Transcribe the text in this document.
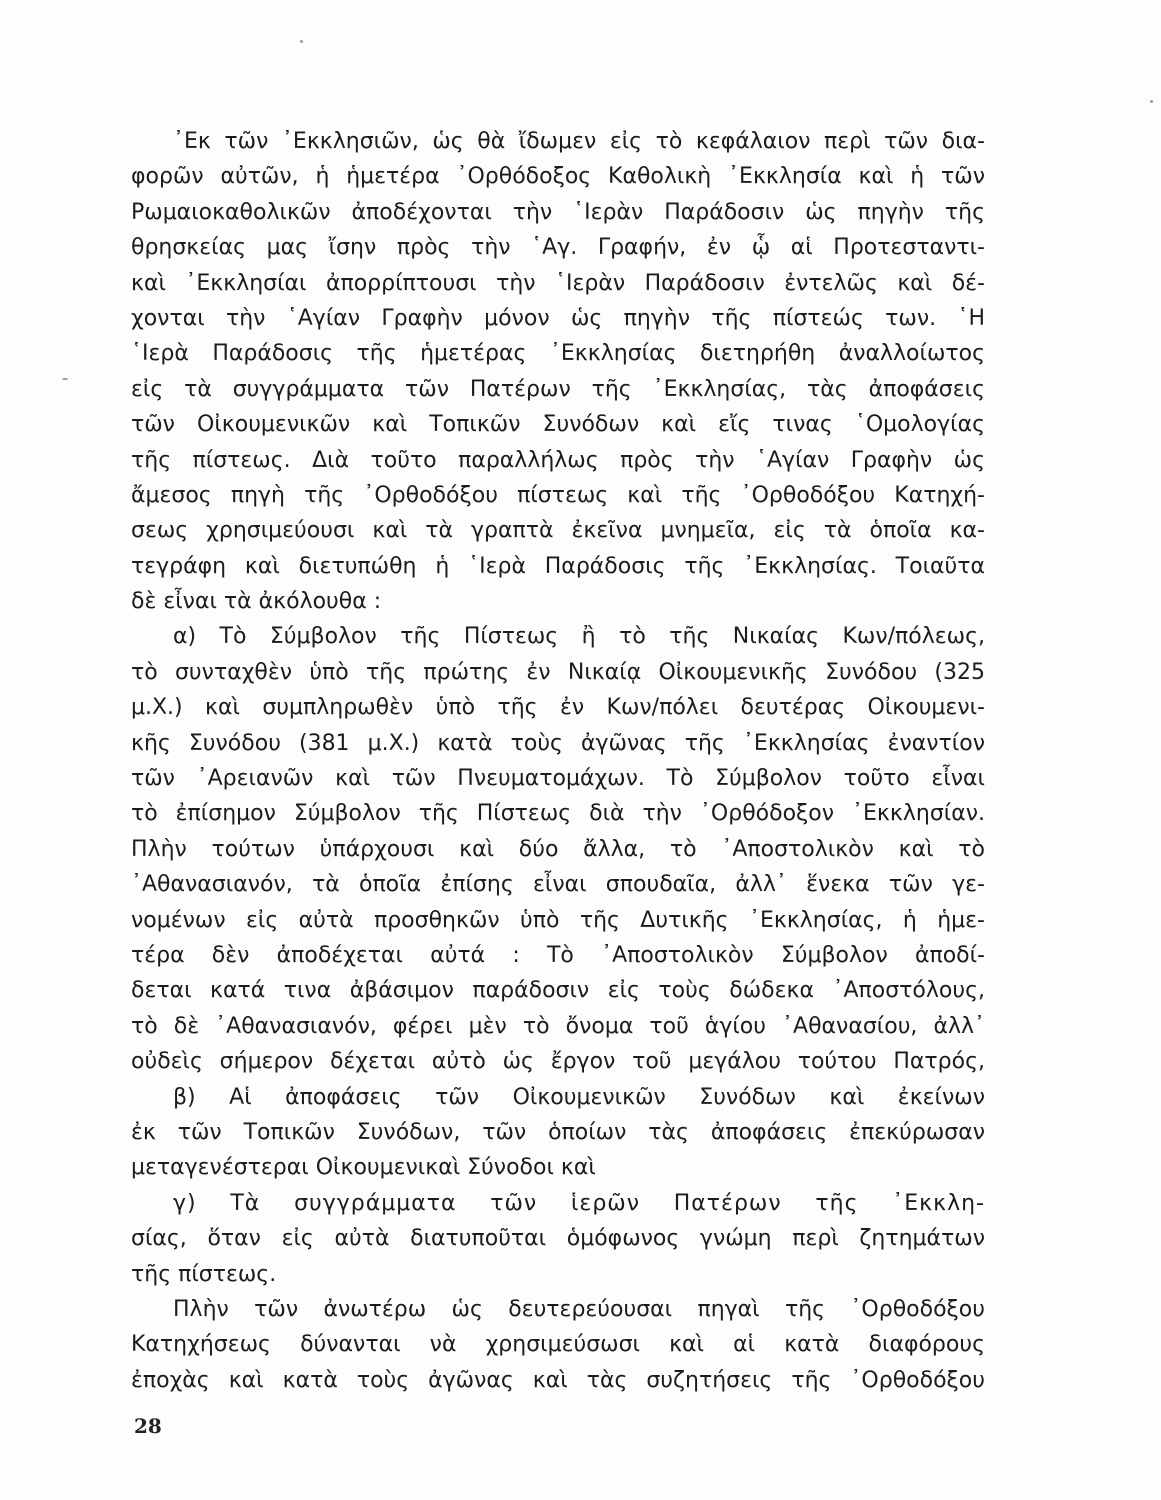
᾿Εκ τῶν ᾿Εκκλησιῶν, ὡς θὰ ἴδωμεν εἰς τὸ κεφάλαιον περὶ τῶν δια-
φορῶν αὐτῶν, ἡ ἡμετέρα ᾿Ορθόδοξος Καθολικὴ ᾿Εκκλησία καὶ ἡ τῶν
Ρωμαιοκαθολικῶν ἀποδέχονται τὴν ῾Ιερὰν Παράδοσιν ὡς πηγὴν τῆς
θρησκείας μας ἴσην πρὸς τὴν ῾Αγ. Γραφήν, ἐν ᾧ αἱ Προτεσταντι-
καὶ ᾿Εκκλησίαι ἀπορρίπτουσι τὴν ῾Ιερὰν Παράδοσιν ἐντελῶς καὶ δέ-
χονται τὴν ῾Αγίαν Γραφὴν μόνον ὡς πηγὴν τῆς πίστεώς των. ῾Η
῾Ιερὰ Παράδοσις τῆς ἡμετέρας ᾿Εκκλησίας διετηρήθη ἀναλλοίωτος
εἰς τὰ συγγράμματα τῶν Πατέρων τῆς ᾿Εκκλησίας, τὰς ἀποφάσεις
τῶν Οἰκουμενικῶν καὶ Τοπικῶν Συνόδων καὶ εἴς τινας ῾Ομολογίας
τῆς πίστεως. Διὰ τοῦτο παραλλήλως πρὸς τὴν ῾Αγίαν Γραφὴν ὡς
ἄμεσος πηγὴ τῆς ᾿Ορθοδόξου πίστεως καὶ τῆς ᾿Ορθοδόξου Κατηχή-
σεως χρησιμεύουσι καὶ τὰ γραπτὰ ἐκεῖνα μνημεῖα, εἰς τὰ ὁποῖα κα-
τεγράφη καὶ διετυπώθη ἡ ῾Ιερὰ Παράδοσις τῆς ᾿Εκκλησίας. Τοιαῦτα
δὲ εἶναι τὰ ἀκόλουθα :
α) Τὸ Σύμβολον τῆς Πίστεως ἢ τὸ τῆς Νικαίας Κων/πόλεως,
τὸ συνταχθὲν ὑπὸ τῆς πρώτης ἐν Νικαίᾳ Οἰκουμενικῆς Συνόδου (325
μ.Χ.) καὶ συμπληρωθὲν ὑπὸ τῆς ἐν Κων/πόλει δευτέρας Οἰκουμενι-
κῆς Συνόδου (381 μ.Χ.) κατὰ τοὺς ἀγῶνας τῆς ᾿Εκκλησίας ἐναντίον
τῶν ᾿Αρειανῶν καὶ τῶν Πνευματομάχων. Τὸ Σύμβολον τοῦτο εἶναι
τὸ ἐπίσημον Σύμβολον τῆς Πίστεως διὰ τὴν ᾿Ορθόδοξον ᾿Εκκλησίαν.
Πλὴν τούτων ὑπάρχουσι καὶ δύο ἄλλα, τὸ ᾿Αποστολικὸν καὶ τὸ
᾿Αθανασιανόν, τὰ ὁποῖα ἐπίσης εἶναι σπουδαῖα, ἀλλ᾿ ἕνεκα τῶν γε-
νομένων εἰς αὐτὰ προσθηκῶν ὑπὸ τῆς Δυτικῆς ᾿Εκκλησίας, ἡ ἡμε-
τέρα δὲν ἀποδέχεται αὐτά : Τὸ ᾿Αποστολικὸν Σύμβολον ἀποδί-
δεται κατά τινα ἀβάσιμον παράδοσιν εἰς τοὺς δώδεκα ᾿Αποστόλους,
τὸ δὲ ᾿Αθανασιανόν, φέρει μὲν τὸ ὄνομα τοῦ ἁγίου ᾿Αθανασίου, ἀλλ᾿
οὐδεὶς σήμερον δέχεται αὐτὸ ὡς ἔργον τοῦ μεγάλου τούτου Πατρός,
β) Αἱ ἀποφάσεις τῶν Οἰκουμενικῶν Συνόδων καὶ ἐκείνων
ἐκ τῶν Τοπικῶν Συνόδων, τῶν ὁποίων τὰς ἀποφάσεις ἐπεκύρωσαν
μεταγενέστεραι Οἰκουμενικαὶ Σύνοδοι καὶ
γ) Τὰ συγγράμματα τῶν ἱερῶν Πατέρων τῆς ᾿Εκκλη-
σίας, ὅταν εἰς αὐτὰ διατυποῦται ὁμόφωνος γνώμη περὶ ζητημάτων
τῆς πίστεως.
Πλὴν τῶν ἀνωτέρω ὡς δευτερεύουσαι πηγαὶ τῆς ᾿Ορθοδόξου
Κατηχήσεως δύνανται νὰ χρησιμεύσωσι καὶ αἱ κατὰ διαφόρους
ἐποχὰς καὶ κατὰ τοὺς ἀγῶνας καὶ τὰς συζητήσεις τῆς ᾿Ορθοδόξου
28
